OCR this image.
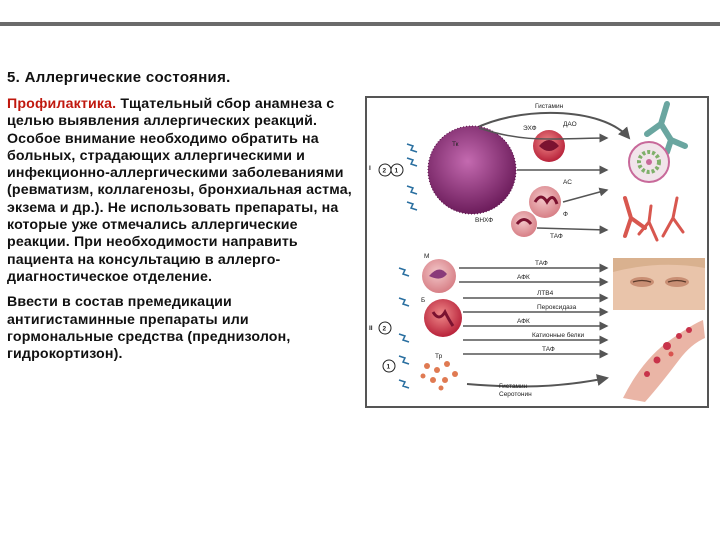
5. Аллергические состояния.

Профилактика. Тщательный сбор анамнеза с целью выявления аллергических реакций. Особое внимание необходимо обратить на больных, страдающих аллергическими и инфекционно-аллергическими заболеваниями (ревматизм, коллагенозы, бронхиальная астма, экзема и др.). Не использовать препараты, на которые уже отмечались аллергические реакции. При необходимости направить пациента на консультацию в аллерго-диагностическое отделение.

Ввести в состав премедикации антигистаминные препараты или гормональные средства (преднизолон, гидрокортизон).

Гистамин
I 2 1
II 2
1
Тк
ЭХФ
ДАО
АС
Ф
ВНХФ
ТАФ
М
Б
Тр
ТАФ
АФК
ЛТВ4
Пероксидаза
АФК
Катионные белки
ТАФ
Гистамин
Серотонин
